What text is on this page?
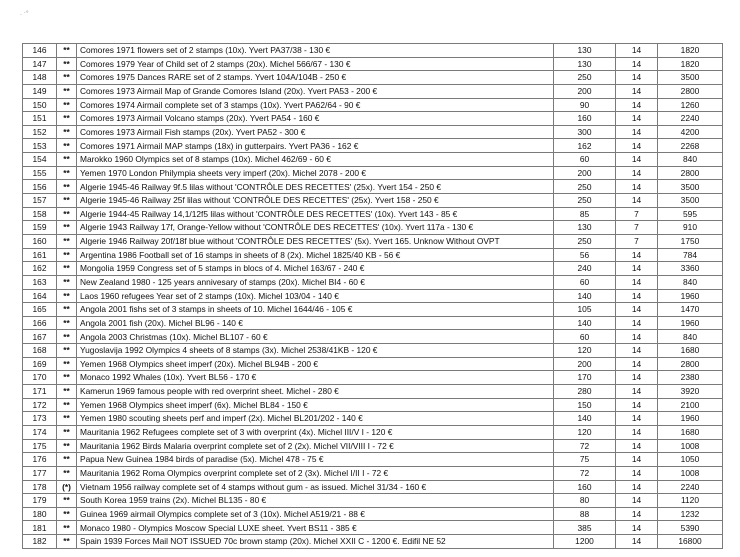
. ·°
146	**	Comores 1971 flowers set of 2 stamps (10x). Yvert PA37/38 - 130 €	130	14	1820
147	**	Comores 1979 Year of Child set of 2 stamps (20x). Michel 566/67 - 130 €	130	14	1820
148	**	Comores 1975 Dances RARE set of 2 stamps. Yvert 104A/104B - 250 €	250	14	3500
149	**	Comores 1973 Airmail Map of Grande Comores Island (20x). Yvert PA53 - 200 €	200	14	2800
150	**	Comores 1974 Airmail complete set of 3 stamps (10x). Yvert PA62/64 - 90 €	90	14	1260
151	**	Comores 1973 Airmail Volcano stamps (20x). Yvert PA54 - 160 €	160	14	2240
152	**	Comores 1973 Airmail Fish stamps (20x). Yvert PA52 - 300 €	300	14	4200
153	**	Comores 1971 Airmail MAP stamps (18x) in gutterpairs. Yvert PA36 - 162 €	162	14	2268
154	**	Marokko 1960 Olympics set of 8 stamps (10x). Michel 462/69 - 60 €	60	14	840
155	**	Yemen 1970 London Philympia sheets very imperf (20x). Michel 2078 - 200 €	200	14	2800
156	**	Algerie 1945-46 Railway 9f.5 lilas without 'CONTRÔLE DES RECETTES' (25x). Yvert 154 - 250 €	250	14	3500
157	**	Algerie 1945-46 Railway 25f lilas without 'CONTRÔLE DES RECETTES' (25x). Yvert 158 - 250 €	250	14	3500
158	**	Algerie 1944-45 Railway 14,1/12f5 lilas without 'CONTRÔLE DES RECETTES' (10x). Yvert 143 - 85 €	85	7	595
159	**	Algerie 1943 Railway 17f, Orange-Yellow without 'CONTRÔLE DES RECETTES' (10x). Yvert 117a - 130 €	130	7	910
160	**	Algerie 1946 Railway 20f/18f blue without 'CONTRÔLE DES RECETTES' (5x). Yvert 165. Unknow Without OVPT	250	7	1750
161	**	Argentina 1986 Football set of 16 stamps in sheets of 8 (2x). Michel 1825/40 KB - 56 €	56	14	784
162	**	Mongolia 1959 Congress set of 5 stamps in blocs of 4. Michel 163/67 - 240 €	240	14	3360
163	**	New Zealand 1980 - 125 years annivesary of stamps (20x). Michel BI4 - 60 €	60	14	840
164	**	Laos 1960 refugees Year set of 2 stamps (10x). Michel 103/04 - 140 €	140	14	1960
165	**	Angola 2001 fishs set of 3 stamps in sheets of 10. Michel 1644/46 - 105 €	105	14	1470
166	**	Angola 2001 fish (20x). Michel BL96 - 140 €	140	14	1960
167	**	Angola 2003 Christmas (10x). Michel BL107 - 60 €	60	14	840
168	**	Yugoslavija 1992 Olympics 4 sheets of 8 stamps (3x). Michel 2538/41KB - 120 €	120	14	1680
169	**	Yemen 1968 Olympics sheet imperf (20x). Michel BL94B - 200 €	200	14	2800
170	**	Monaco 1992 Whales (10x). Yvert BL56 - 170 €	170	14	2380
171	**	Kamerun 1969 famous people with red overprint sheet. Michel - 280 €	280	14	3920
172	**	Yemen 1968 Olympics sheet imperf (6x). Michel BL84 - 150 €	150	14	2100
173	**	Yemen 1980 scouting sheets perf and imperf (2x). Michel BL201/202 - 140 €	140	14	1960
174	**	Mauritania 1962 Refugees complete set of 3 with overprint (4x). Michel III/V I - 120 €	120	14	1680
175	**	Mauritania 1962 Birds Malaria overprint complete set of 2 (2x). Michel VII/VIII I - 72 €	72	14	1008
176	**	Papua New Guinea 1984 birds of paradise (5x). Michel 478 - 75 €	75	14	1050
177	**	Mauritania 1962 Roma Olympics overprint complete set of 2 (3x). Michel I/II I - 72 €	72	14	1008
178	(*)	Vietnam 1956 railway complete set of 4 stamps without gum - as issued. Michel 31/34 - 160 €	160	14	2240
179	**	South Korea 1959 trains (2x). Michel BL135 - 80 €	80	14	1120
180	**	Guinea 1969 airmail Olympics complete set of 3 (10x). Michel A519/21 - 88 €	88	14	1232
181	**	Monaco 1980 - Olympics Moscow Special LUXE sheet. Yvert BS11 - 385 €	385	14	5390
182	**	Spain 1939 Forces Mail NOT ISSUED 70c brown stamp (20x). Michel XXII C - 1200 €. Edifil NE 52	1200	14	16800
